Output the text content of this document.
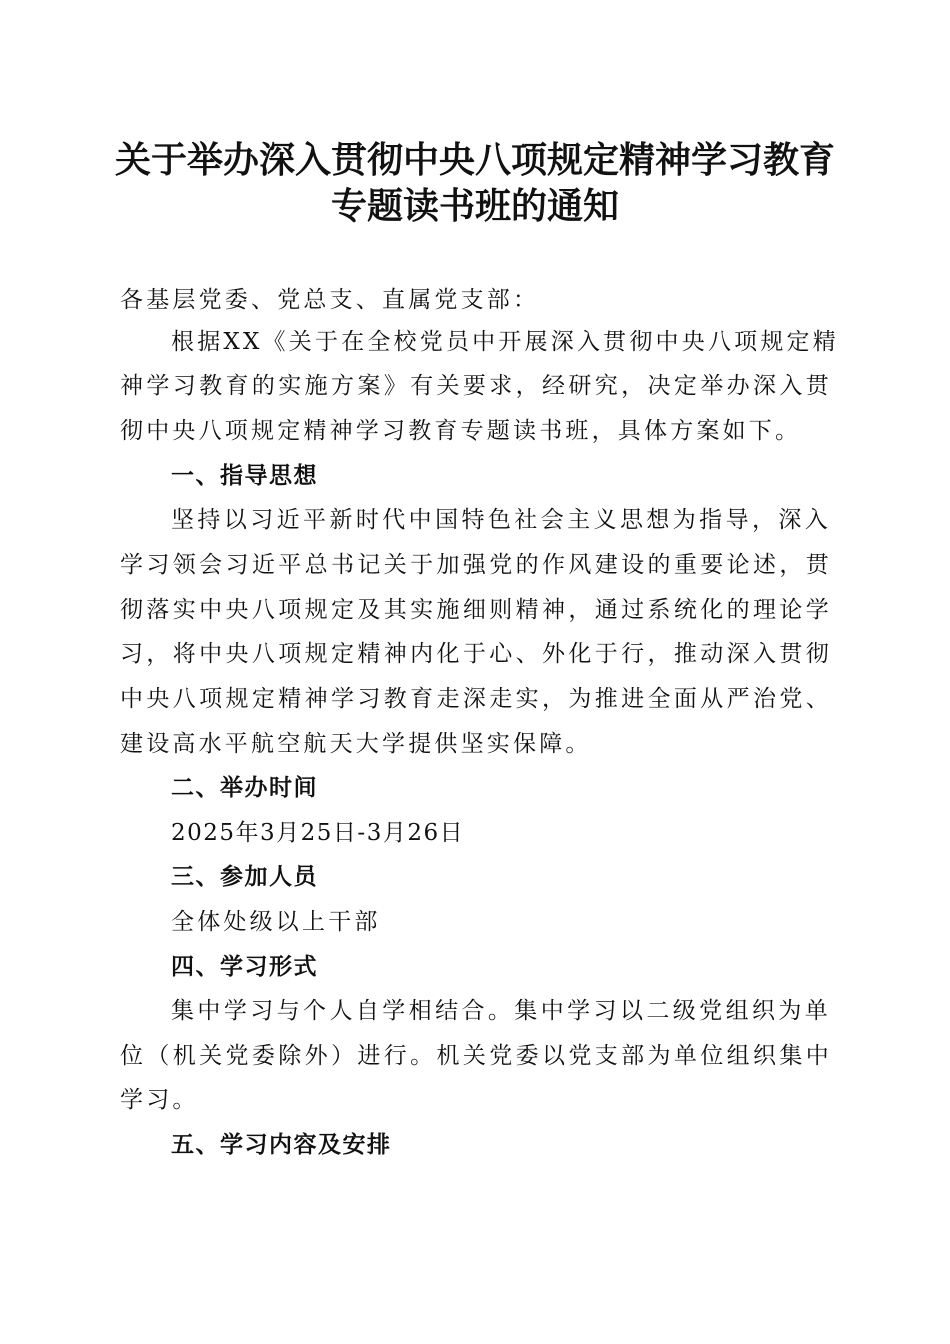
关于举办深入贯彻中央八项规定精神学习教育
专题读书班的通知
各基层党委、党总支、直属党支部：
根据XX《关于在全校党员中开展深入贯彻中央八项规定精
神学习教育的实施方案》有关要求，经研究，决定举办深入贯
彻中央八项规定精神学习教育专题读书班，具体方案如下。
一、指导思想
坚持以习近平新时代中国特色社会主义思想为指导，深入
学习领会习近平总书记关于加强党的作风建设的重要论述，贯
彻落实中央八项规定及其实施细则精神，通过系统化的理论学
习，将中央八项规定精神内化于心、外化于行，推动深入贯彻
中央八项规定精神学习教育走深走实，为推进全面从严治党、
建设高水平航空航天大学提供坚实保障。
二、举办时间
2025年3月25日-3月26日
三、参加人员
全体处级以上干部
四、学习形式
集中学习与个人自学相结合。集中学习以二级党组织为单
位（机关党委除外）进行。机关党委以党支部为单位组织集中
学习。
五、学习内容及安排
